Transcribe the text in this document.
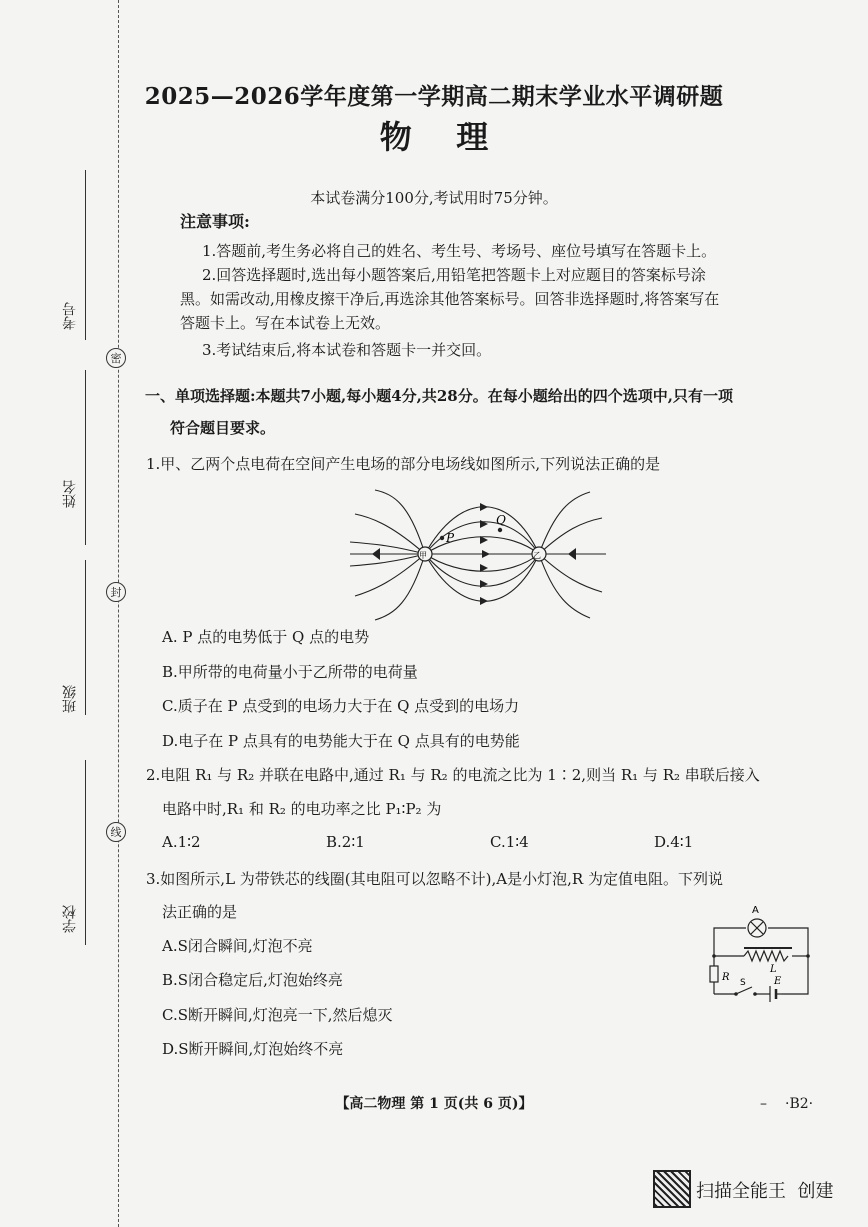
考号
姓名
班级
学校
密
封
线
2025—2026学年度第一学期高二期末学业水平调研题
物    理
本试卷满分100分,考试用时75分钟。
注意事项:
1.答题前,考生务必将自己的姓名、考生号、考场号、座位号填写在答题卡上。
2.回答选择题时,选出每小题答案后,用铅笔把答题卡上对应题目的答案标号涂
黑。如需改动,用橡皮擦干净后,再选涂其他答案标号。回答非选择题时,将答案写在
答题卡上。写在本试卷上无效。
3.考试结束后,将本试卷和答题卡一并交回。
一、单项选择题:本题共7小题,每小题4分,共28分。在每小题给出的四个选项中,只有一项
符合题目要求。
1.甲、乙两个点电荷在空间产生电场的部分电场线如图所示,下列说法正确的是
甲	乙
P
Q
A. P 点的电势低于 Q 点的电势
B.甲所带的电荷量小于乙所带的电荷量
C.质子在 P 点受到的电场力大于在 Q 点受到的电场力
D.电子在 P 点具有的电势能大于在 Q 点具有的电势能
2.电阻 R₁ 与 R₂ 并联在电路中,通过 R₁ 与 R₂ 的电流之比为 1∶2,则当 R₁ 与 R₂ 串联后接入
电路中时,R₁ 和 R₂ 的电功率之比 P₁∶P₂ 为
A.1∶2	B.2∶1	C.1∶4	D.4∶1
3.如图所示,L 为带铁芯的线圈(其电阻可以忽略不计),A是小灯泡,R 为定值电阻。下列说
法正确的是
A.S闭合瞬间,灯泡不亮
B.S闭合稳定后,灯泡始终亮
C.S断开瞬间,灯泡亮一下,然后熄灭
D.S断开瞬间,灯泡始终不亮
A
L
R S	E
【高二物理 第 1 页(共 6 页)】	– ·B2·
扫描全能王  创建
